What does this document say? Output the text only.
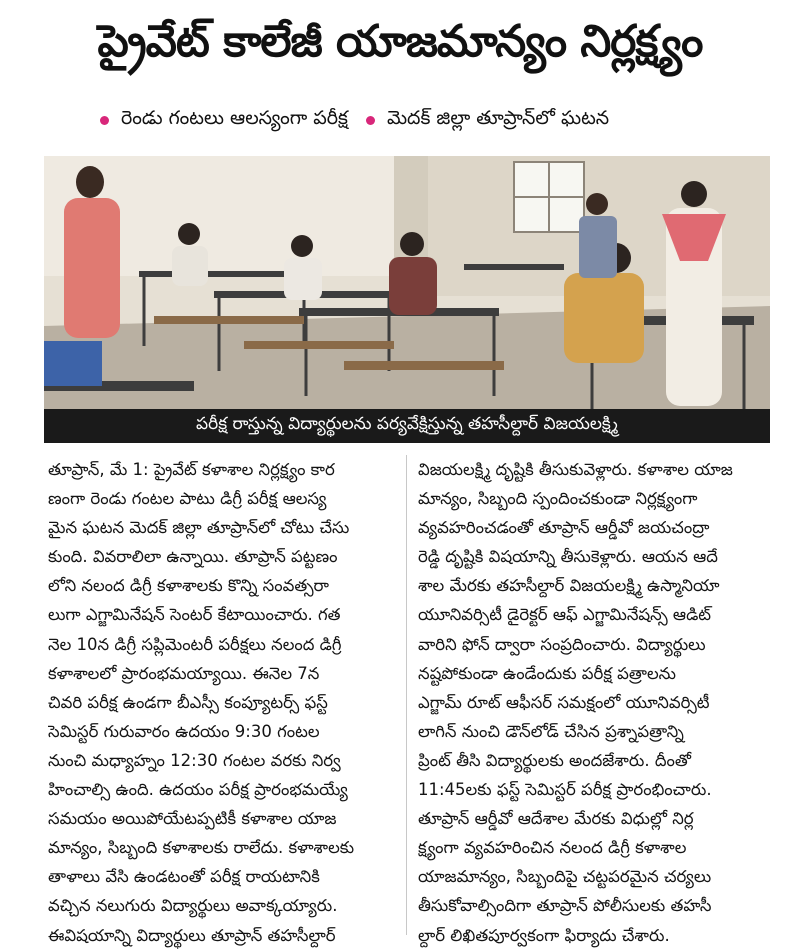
ప్రైవేట్ కాలేజీ యాజమాన్యం నిర్లక్ష్యం
రెండు గంటలు ఆలస్యంగా పరీక్ష మెదక్ జిల్లా తూప్రాన్‌లో ఘటన
పరీక్ష రాస్తున్న విద్యార్థులను పర్యవేక్షిస్తున్న తహసీల్దార్ విజయలక్ష్మి

తూప్రాన్, మే 1: ప్రైవేట్ కళాశాల నిర్లక్ష్యం కార

ణంగా రెండు గంటల పాటు డిగ్రీ పరీక్ష ఆలస్య

మైన ఘటన మెదక్ జిల్లా తూప్రాన్‌లో చోటు చేసు

కుంది. వివరాలిలా ఉన్నాయి. తూప్రాన్ పట్టణం

లోని నలంద డిగ్రీ కళాశాలకు కొన్ని సంవత్సరా

లుగా ఎగ్జామినేషన్ సెంటర్ కేటాయించారు. గత

నెల 10న డిగ్రీ సప్లిమెంటరీ పరీక్షలు నలంద డిగ్రీ

కళాశాలలో ప్రారంభమయ్యాయి. ఈనెల 7న

చివరి పరీక్ష ఉండగా బీఎస్సీ కంప్యూటర్స్ ఫస్ట్

సెమిస్టర్ గురువారం ఉదయం 9:30 గంటల

నుంచి మధ్యాహ్నం 12:30 గంటల వరకు నిర్వ

హించాల్సి ఉంది. ఉదయం పరీక్ష ప్రారంభమయ్యే

సమయం అయిపోయేటప్పటికీ కళాశాల యాజ

మాన్యం, సిబ్బంది కళాశాలకు రాలేదు. కళాశాలకు

తాళాలు వేసి ఉండటంతో పరీక్ష రాయటానికి

వచ్చిన నలుగురు విద్యార్థులు అవాక్కయ్యారు.

ఈవిషయాన్ని విద్యార్థులు తూప్రాన్ తహసీల్దార్

విజయలక్ష్మి దృష్టికి తీసుకువెళ్లారు. కళాశాల యాజ

మాన్యం, సిబ్బంది స్పందించకుండా నిర్లక్ష్యంగా

వ్యవహరించడంతో తూప్రాన్ ఆర్డీవో జయచంద్రా

రెడ్డి దృష్టికి విషయాన్ని తీసుకెళ్లారు. ఆయన ఆదే

శాల మేరకు తహసీల్దార్ విజయలక్ష్మి ఉస్మానియా

యూనివర్సిటీ డైరెక్టర్ ఆఫ్ ఎగ్జామినేషన్స్ ఆడిట్

వారిని ఫోన్ ద్వారా సంప్రదించారు. విద్యార్థులు

నష్టపోకుండా ఉండేందుకు పరీక్ష పత్రాలను

ఎగ్జామ్ రూట్ ఆఫీసర్ సమక్షంలో యూనివర్సిటీ

లాగిన్ నుంచి డౌన్‌లోడ్ చేసిన ప్రశ్నాపత్రాన్ని

ప్రింట్ తీసి విద్యార్థులకు అందజేశారు. దీంతో

11:45లకు ఫస్ట్ సెమిస్టర్ పరీక్ష ప్రారంభించారు.

తూప్రాన్ ఆర్డీవో ఆదేశాల మేరకు విధుల్లో నిర్ల

క్ష్యంగా వ్యవహరించిన నలంద డిగ్రీ కళాశాల

యాజమాన్యం, సిబ్బందిపై చట్టపరమైన చర్యలు

తీసుకోవాల్సిందిగా తూప్రాన్ పోలీసులకు తహసీ

ల్దార్ లిఖితపూర్వకంగా ఫిర్యాదు చేశారు.
